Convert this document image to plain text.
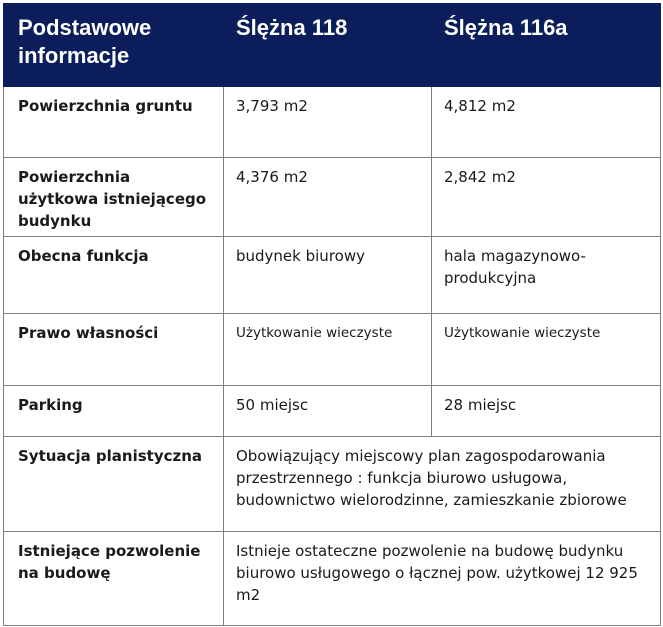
Podstawowe informacje	Ślężna 118	Ślężna 116a
Powierzchnia gruntu	3,793 m2	4,812 m2
Powierzchnia użytkowa istniejącego budynku	4,376 m2	2,842 m2
Obecna funkcja	budynek biurowy	hala magazynowo-produkcyjna
Prawo własności	Użytkowanie wieczyste	Użytkowanie wieczyste
Parking	50 miejsc	28 miejsc
Sytuacja planistyczna	Obowiązujący miejscowy plan zagospodarowania przestrzennego : funkcja biurowo usługowa, budownictwo wielorodzinne, zamieszkanie zbiorowe	
Istniejące pozwolenie na budowę	Istnieje ostateczne pozwolenie na budowę budynku biurowo usługowego o łącznej pow. użytkowej 12 925 m2	
